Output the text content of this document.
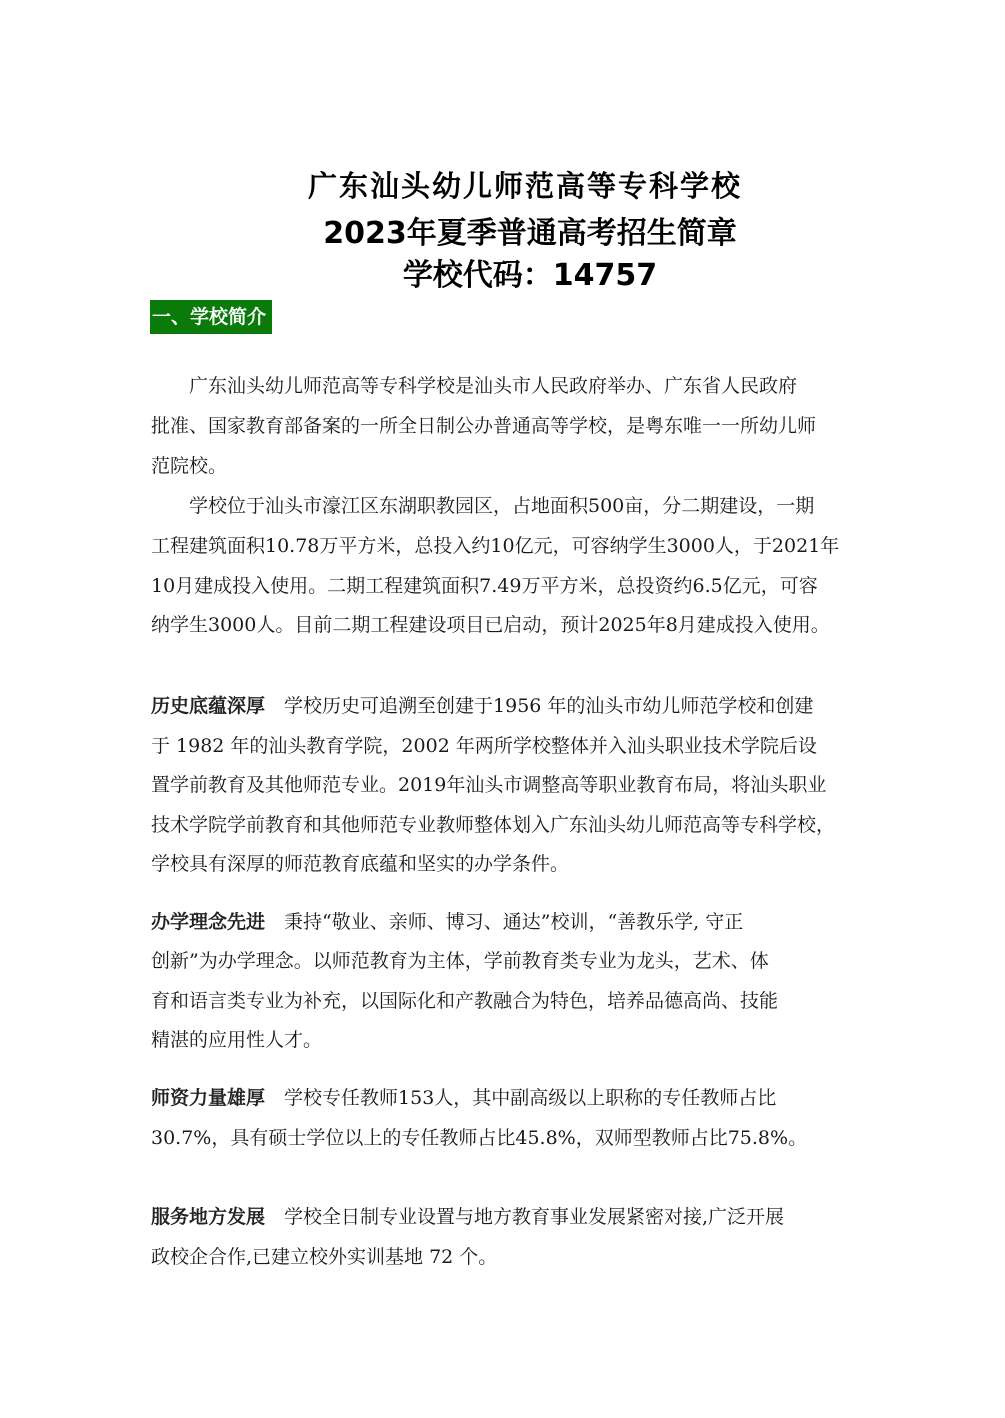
广东汕头幼儿师范高等专科学校
2023年夏季普通高考招生简章
学校代码：14757
一、学校简介
　　广东汕头幼儿师范高等专科学校是汕头市人民政府举办、广东省人民政府
批准、国家教育部备案的一所全日制公办普通高等学校，是粤东唯一一所幼儿师
范院校。
　　学校位于汕头市濠江区东湖职教园区，占地面积500亩，分二期建设，一期
工程建筑面积10.78万平方米，总投入约10亿元，可容纳学生3000人，于2021年
10月建成投入使用。二期工程建筑面积7.49万平方米，总投资约6.5亿元，可容
纳学生3000人。目前二期工程建设项目已启动，预计2025年8月建成投入使用。
历史底蕴深厚　学校历史可追溯至创建于1956 年的汕头市幼儿师范学校和创建
于 1982 年的汕头教育学院，2002 年两所学校整体并入汕头职业技术学院后设
置学前教育及其他师范专业。2019年汕头市调整高等职业教育布局，将汕头职业
技术学院学前教育和其他师范专业教师整体划入广东汕头幼儿师范高等专科学校，
学校具有深厚的师范教育底蕴和坚实的办学条件。
办学理念先进　秉持“敬业、亲师、博习、通达”校训，“善教乐学, 守正
创新”为办学理念。以师范教育为主体，学前教育类专业为龙头，艺术、体
育和语言类专业为补充，以国际化和产教融合为特色，培养品德高尚、技能
精湛的应用性人才。
师资力量雄厚　学校专任教师153人，其中副高级以上职称的专任教师占比
30.7%，具有硕士学位以上的专任教师占比45.8%，双师型教师占比75.8%。
服务地方发展　学校全日制专业设置与地方教育事业发展紧密对接,广泛开展
政校企合作,已建立校外实训基地 72 个。
